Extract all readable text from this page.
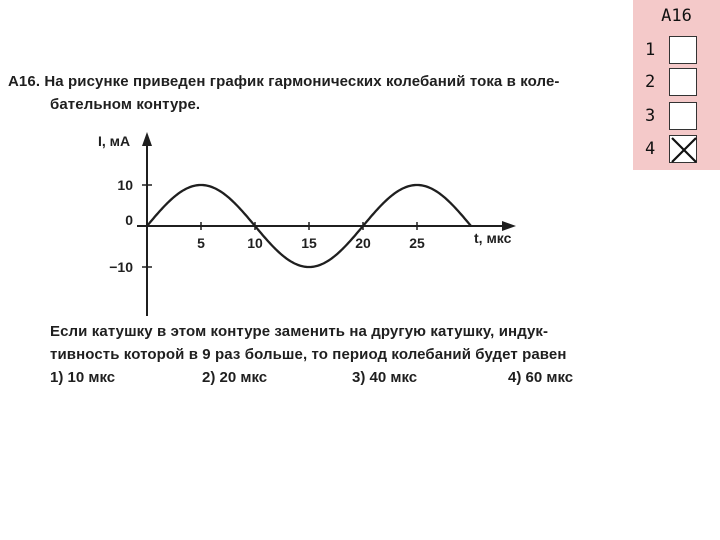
A16
1
2
3
4
A16. На рисунке приведен график гармонических колебаний тока в коле-
бательном контуре.
I, мА
t, мкс
10
0
−10
5	10	15	20	25
Если катушку в этом контуре заменить на другую катушку, индук-
тивность которой в 9 раз больше, то период колебаний будет равен
1) 10 мкс	2) 20 мкс	3) 40 мкс	4) 60 мкс
